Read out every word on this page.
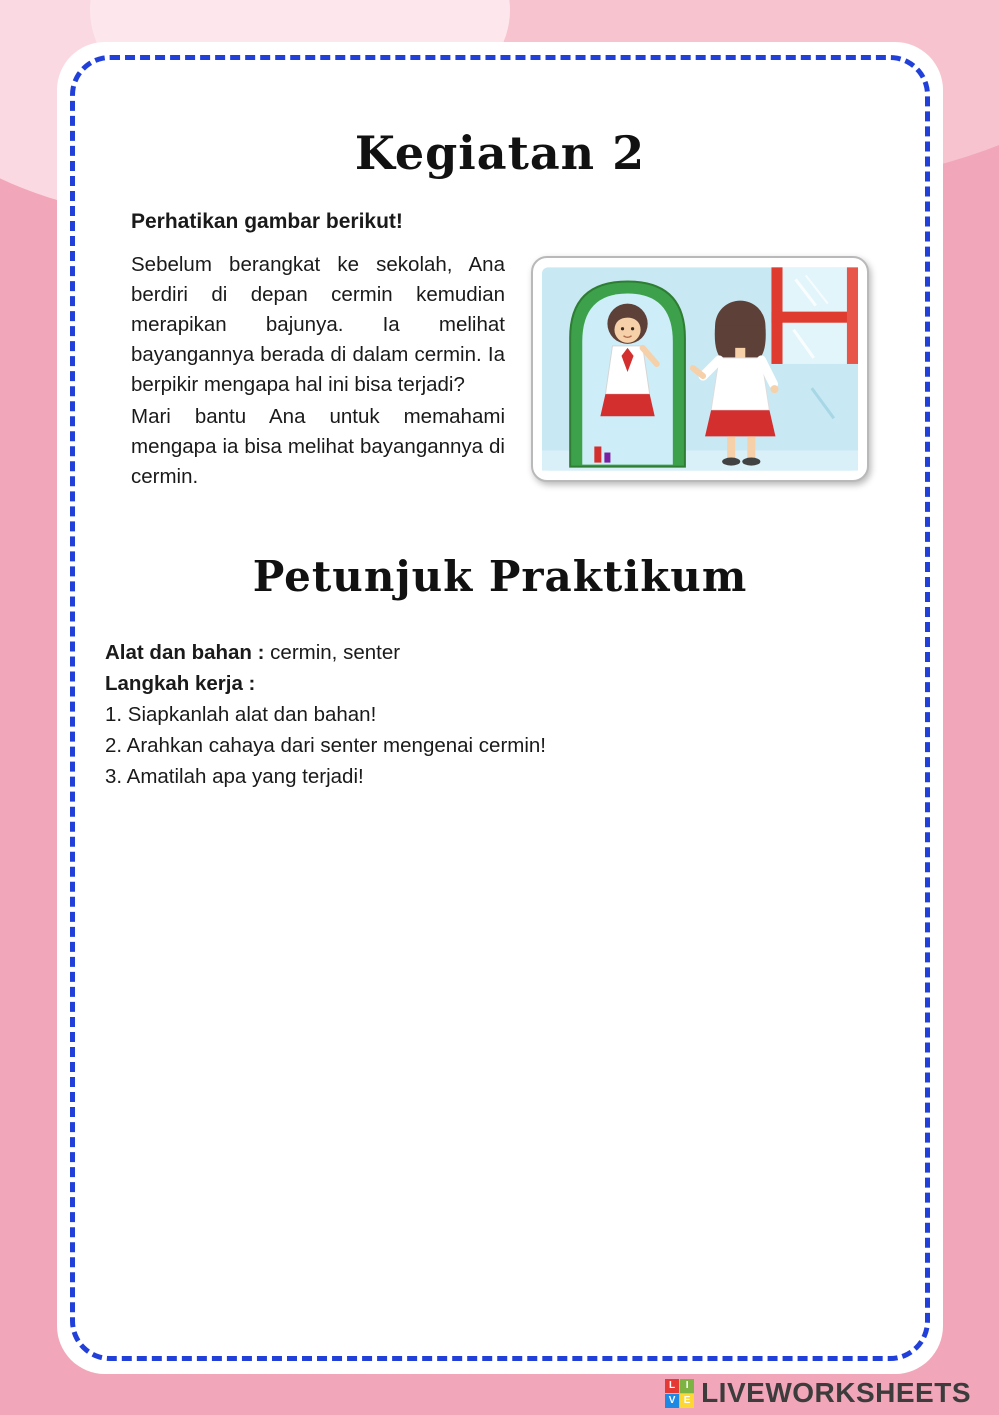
Kegiatan 2

Perhatikan gambar berikut!

Sebelum berangkat ke sekolah, Ana berdiri di depan cermin kemudian merapikan bajunya. Ia melihat bayangannya berada di dalam cermin. Ia berpikir mengapa hal ini bisa terjadi?

Mari bantu Ana untuk memahami mengapa ia bisa melihat bayangannya di cermin.

Petunjuk Praktikum
Alat dan bahan : cermin, senter
Langkah kerja :
1. Siapkanlah alat dan bahan!
2. Arahkan cahaya dari senter mengenai cermin!
3. Amatilah apa yang terjadi!
L	I
V E LIVEWORKSHEETS
